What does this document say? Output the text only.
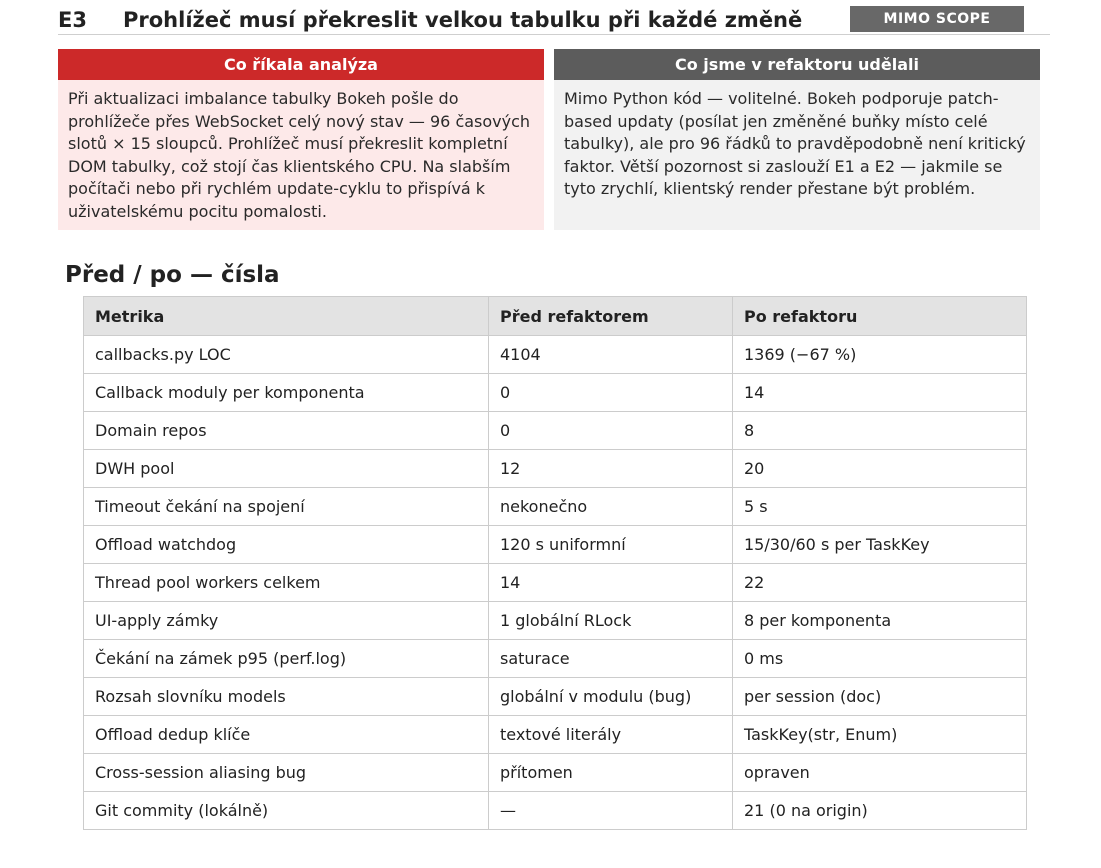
E3 Prohlížeč musí překreslit velkou tabulku při každé změně	MIMO SCOPE
Co říkala analýza
Při aktualizaci imbalance tabulky Bokeh pošle do prohlížeče přes WebSocket celý nový stav — 96 časových slotů × 15 sloupců. Prohlížeč musí překreslit kompletní DOM tabulky, což stojí čas klientského CPU. Na slabším počítači nebo při rychlém update-cyklu to přispívá k uživatelskému pocitu pomalosti.
Co jsme v refaktoru udělali
Mimo Python kód — volitelné. Bokeh podporuje patch-based updaty (posílat jen změněné buňky místo celé tabulky), ale pro 96 řádků to pravděpodobně není kritický faktor. Větší pozornost si zaslouží E1 a E2 — jakmile se tyto zrychlí, klientský render přestane být problém.
Před / po — čísla
Metrika	Před refaktorem	Po refaktoru
callbacks.py LOC	4104	1369 (−67 %)
Callback moduly per komponenta	0	14
Domain repos	0	8
DWH pool	12	20
Timeout čekání na spojení	nekonečno	5 s
Offload watchdog	120 s uniformní	15/30/60 s per TaskKey
Thread pool workers celkem	14	22
UI-apply zámky	1 globální RLock	8 per komponenta
Čekání na zámek p95 (perf.log)	saturace	0 ms
Rozsah slovníku models	globální v modulu (bug)	per session (doc)
Offload dedup klíče	textové literály	TaskKey(str, Enum)
Cross-session aliasing bug	přítomen	opraven
Git commity (lokálně)	—	21 (0 na origin)
